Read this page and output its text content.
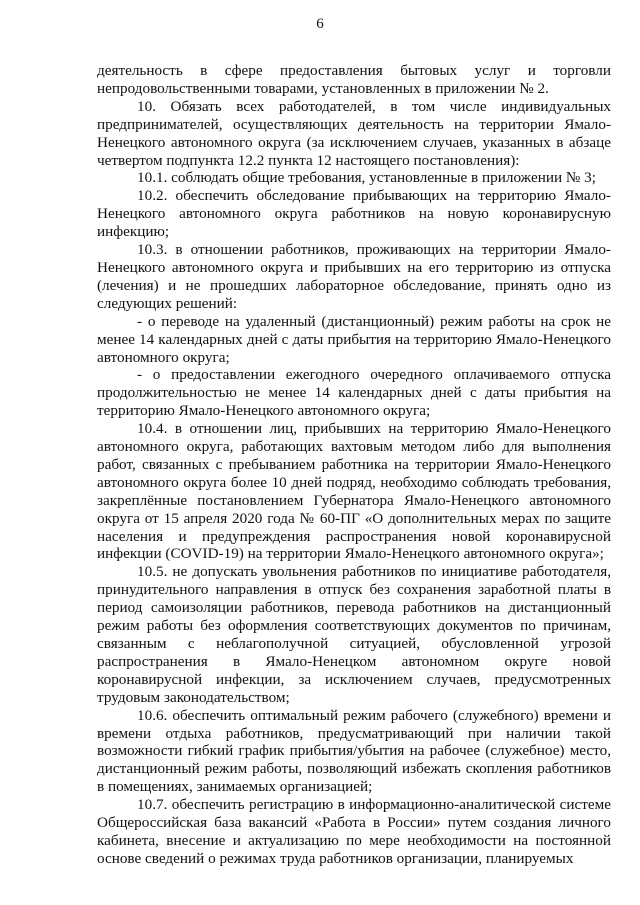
6

деятельность в сфере предоставления бытовых услуг и торговли непродовольственными товарами, установленных в приложении № 2.

10. Обязать всех работодателей, в том числе индивидуальных предпринимателей, осуществляющих деятельность на территории Ямало-Ненецкого автономного округа (за исключением случаев, указанных в абзаце четвертом подпункта 12.2 пункта 12 настоящего постановления):

10.1. соблюдать общие требования, установленные в приложении № 3;

10.2. обеспечить обследование прибывающих на территорию Ямало-Ненецкого автономного округа работников на новую коронавирусную инфекцию;

10.3. в отношении работников, проживающих на территории Ямало-Ненецкого автономного округа и прибывших на его территорию из отпуска (лечения) и не прошедших лабораторное обследование, принять одно из следующих решений:

- о переводе на удаленный (дистанционный) режим работы на срок не менее 14 календарных дней с даты прибытия на территорию Ямало-Ненецкого автономного округа;

- о предоставлении ежегодного очередного оплачиваемого отпуска продолжительностью не менее 14 календарных дней с даты прибытия на территорию Ямало-Ненецкого автономного округа;

10.4. в отношении лиц, прибывших на территорию Ямало-Ненецкого автономного округа, работающих вахтовым методом либо для выполнения работ, связанных с пребыванием работника на территории Ямало-Ненецкого автономного округа более 10 дней подряд, необходимо соблюдать требования, закреплённые постановлением Губернатора Ямало-Ненецкого автономного округа от 15 апреля 2020 года № 60-ПГ «О дополнительных мерах по защите населения и предупреждения распространения новой коронавирусной инфекции (COVID-19) на территории Ямало-Ненецкого автономного округа»;

10.5. не допускать увольнения работников по инициативе работодателя, принудительного направления в отпуск без сохранения заработной платы в период самоизоляции работников, перевода работников на дистанционный режим работы без оформления соответствующих документов по причинам, связанным с неблагополучной ситуацией, обусловленной угрозой распространения в Ямало-Ненецком автономном округе новой коронавирусной инфекции, за исключением случаев, предусмотренных трудовым законодательством;

10.6. обеспечить оптимальный режим рабочего (служебного) времени и времени отдыха работников, предусматривающий при наличии такой возможности гибкий график прибытия/убытия на рабочее (служебное) место, дистанционный режим работы, позволяющий избежать скопления работников в помещениях, занимаемых организацией;

10.7. обеспечить регистрацию в информационно-аналитической системе Общероссийская база вакансий «Работа в России» путем создания личного кабинета, внесение и актуализацию по мере необходимости на постоянной основе сведений о режимах труда работников организации, планируемых
